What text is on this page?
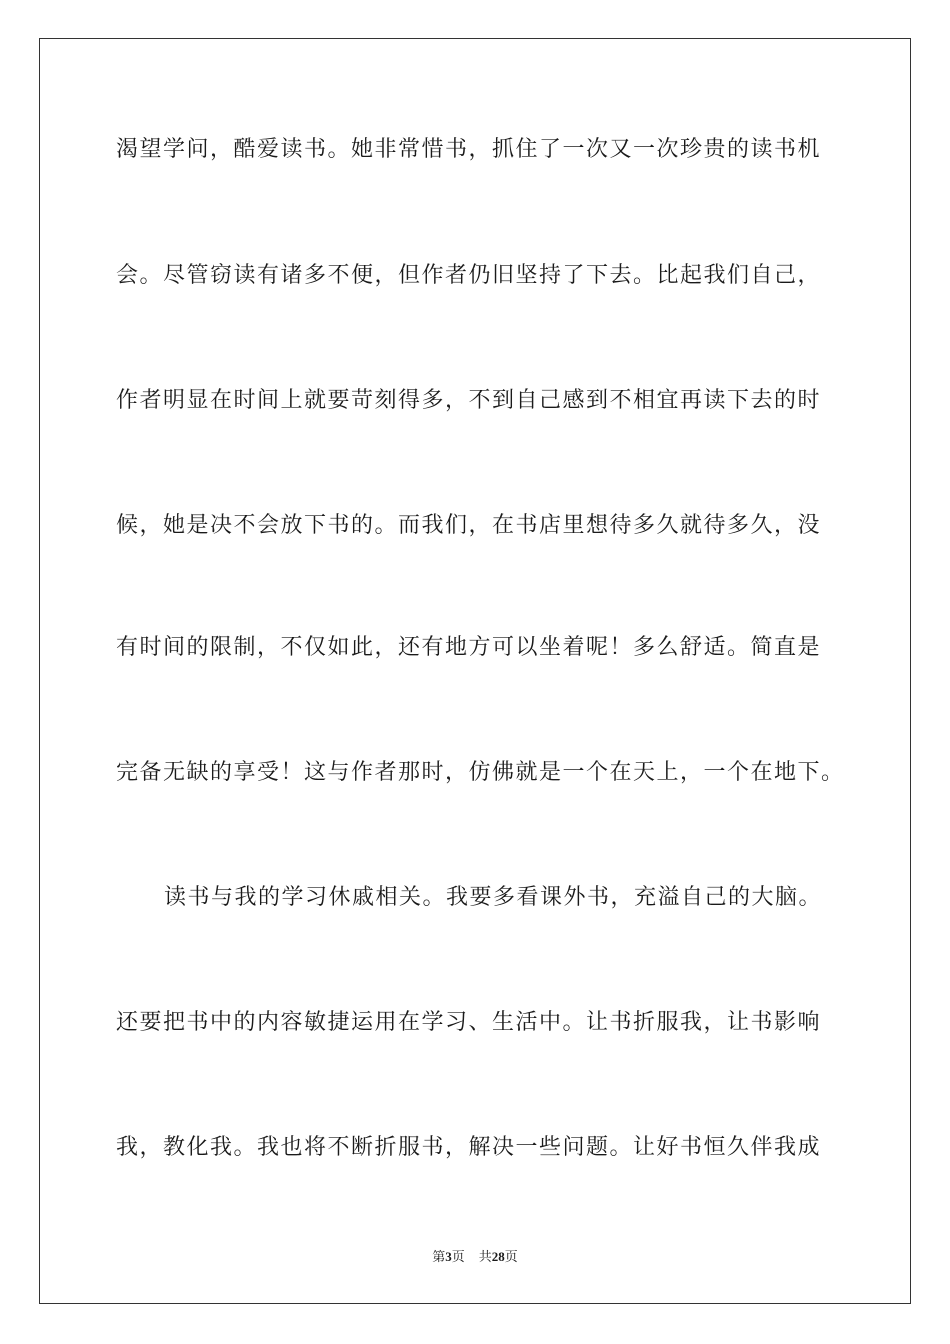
渴望学问，酷爱读书。她非常惜书，抓住了一次又一次珍贵的读书机
会。尽管窃读有诸多不便，但作者仍旧坚持了下去。比起我们自己，
作者明显在时间上就要苛刻得多，不到自己感到不相宜再读下去的时
候，她是决不会放下书的。而我们，在书店里想待多久就待多久，没
有时间的限制，不仅如此，还有地方可以坐着呢！多么舒适。简直是
完备无缺的享受！这与作者那时，仿佛就是一个在天上，一个在地下。
读书与我的学习休戚相关。我要多看课外书，充溢自己的大脑。
还要把书中的内容敏捷运用在学习、生活中。让书折服我，让书影响
我，教化我。我也将不断折服书，解决一些问题。让好书恒久伴我成
第3页 共28页
